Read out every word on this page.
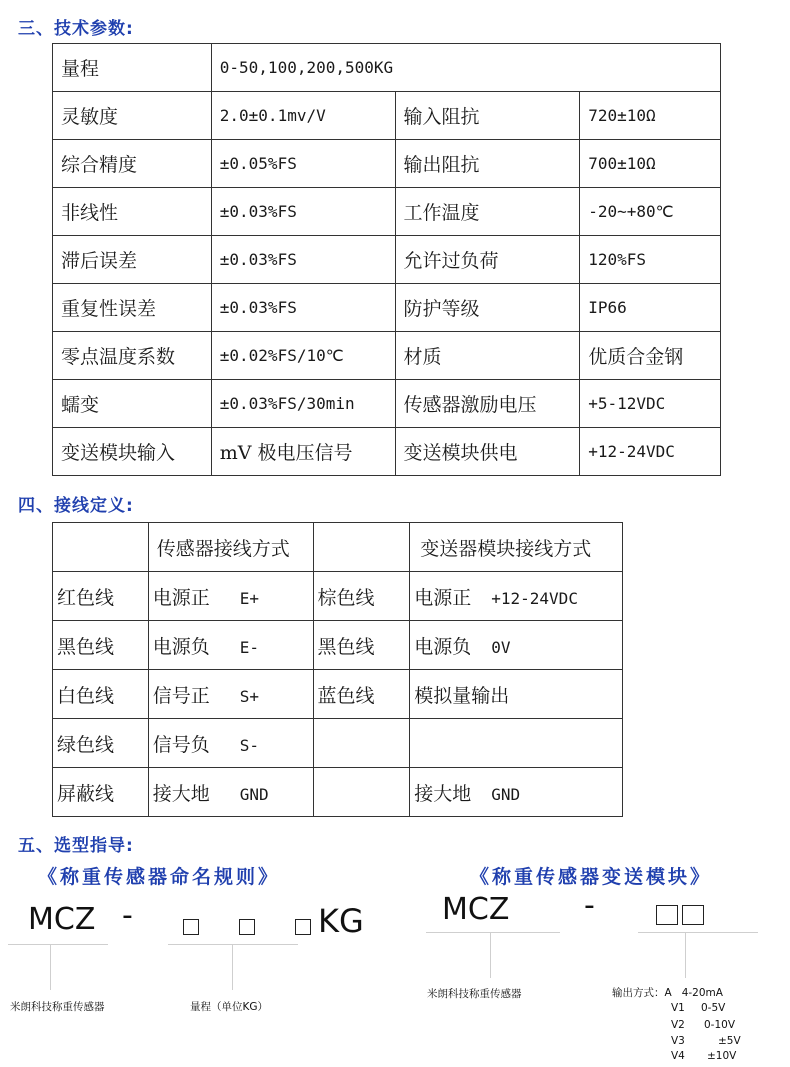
三、技术参数:
量程	0-50,100,200,500KG		
灵敏度	2.0±0.1mv/V	输入阻抗	720±10Ω
综合精度	±0.05%FS	输出阻抗	700±10Ω
非线性	±0.03%FS	工作温度	-20~+80℃
滞后误差	±0.03%FS	允许过负荷	120%FS
重复性误差	±0.03%FS	防护等级	IP66
零点温度系数	±0.02%FS/10℃	材质	优质合金钢
蠕变	±0.03%FS/30min	传感器激励电压	+5-12VDC
变送模块输入	mV 极电压信号	变送模块供电	+12-24VDC
四、接线定义:
	传感器接线方式		变送器模块接线方式
红色线	电源正 E+	棕色线	电源正 +12-24VDC
黑色线	电源负 E-	黑色线	电源负 0V
白色线	信号正 S+	蓝色线	模拟量输出
绿色线	信号负 S-		
屏蔽线	接大地 GND		接大地 GND
五、选型指导:
《称重传感器命名规则》
MCZ -
	KG
米朗科技称重传感器	量程（单位KG）
《称重传感器变送模块》
MCZ -
米朗科技称重传感器	输出方式：A 4-20mA
V1 0-5V
V2 0-10V
V3	±5V
V4 ±10V
